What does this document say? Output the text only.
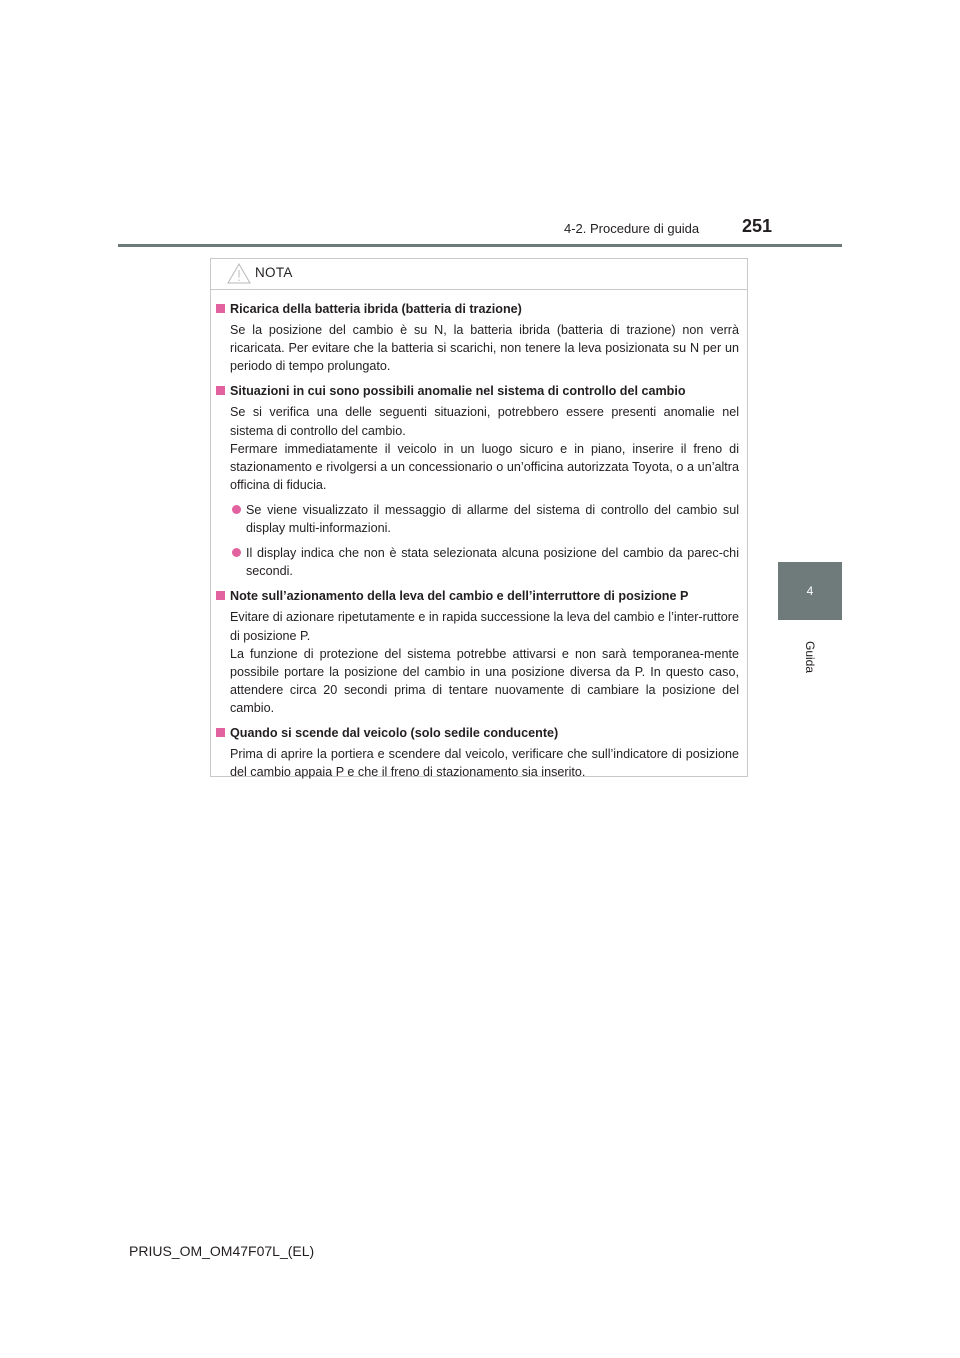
4-2. Procedure di guida 251
4
Guida
NOTA
Ricarica della batteria ibrida (batteria di trazione)
Se la posizione del cambio è su N, la batteria ibrida (batteria di trazione) non verrà ricaricata. Per evitare che la batteria si scarichi, non tenere la leva posizionata su N per un periodo di tempo prolungato.
Situazioni in cui sono possibili anomalie nel sistema di controllo del cambio
Se si verifica una delle seguenti situazioni, potrebbero essere presenti anomalie nel sistema di controllo del cambio.
Fermare immediatamente il veicolo in un luogo sicuro e in piano, inserire il freno di stazionamento e rivolgersi a un concessionario o un’officina autorizzata Toyota, o a un’altra officina di fiducia.
Se viene visualizzato il messaggio di allarme del sistema di controllo del cambio sul display multi-informazioni.
Il display indica che non è stata selezionata alcuna posizione del cambio da parec-chi secondi.
Note sull’azionamento della leva del cambio e dell’interruttore di posizione P
Evitare di azionare ripetutamente e in rapida successione la leva del cambio e l’inter-ruttore di posizione P.
La funzione di protezione del sistema potrebbe attivarsi e non sarà temporanea-mente possibile portare la posizione del cambio in una posizione diversa da P. In questo caso, attendere circa 20 secondi prima di tentare nuovamente di cambiare la posizione del cambio.
Quando si scende dal veicolo (solo sedile conducente)
Prima di aprire la portiera e scendere dal veicolo, verificare che sull’indicatore di posizione del cambio appaia P e che il freno di stazionamento sia inserito.
PRIUS_OM_OM47F07L_(EL)
